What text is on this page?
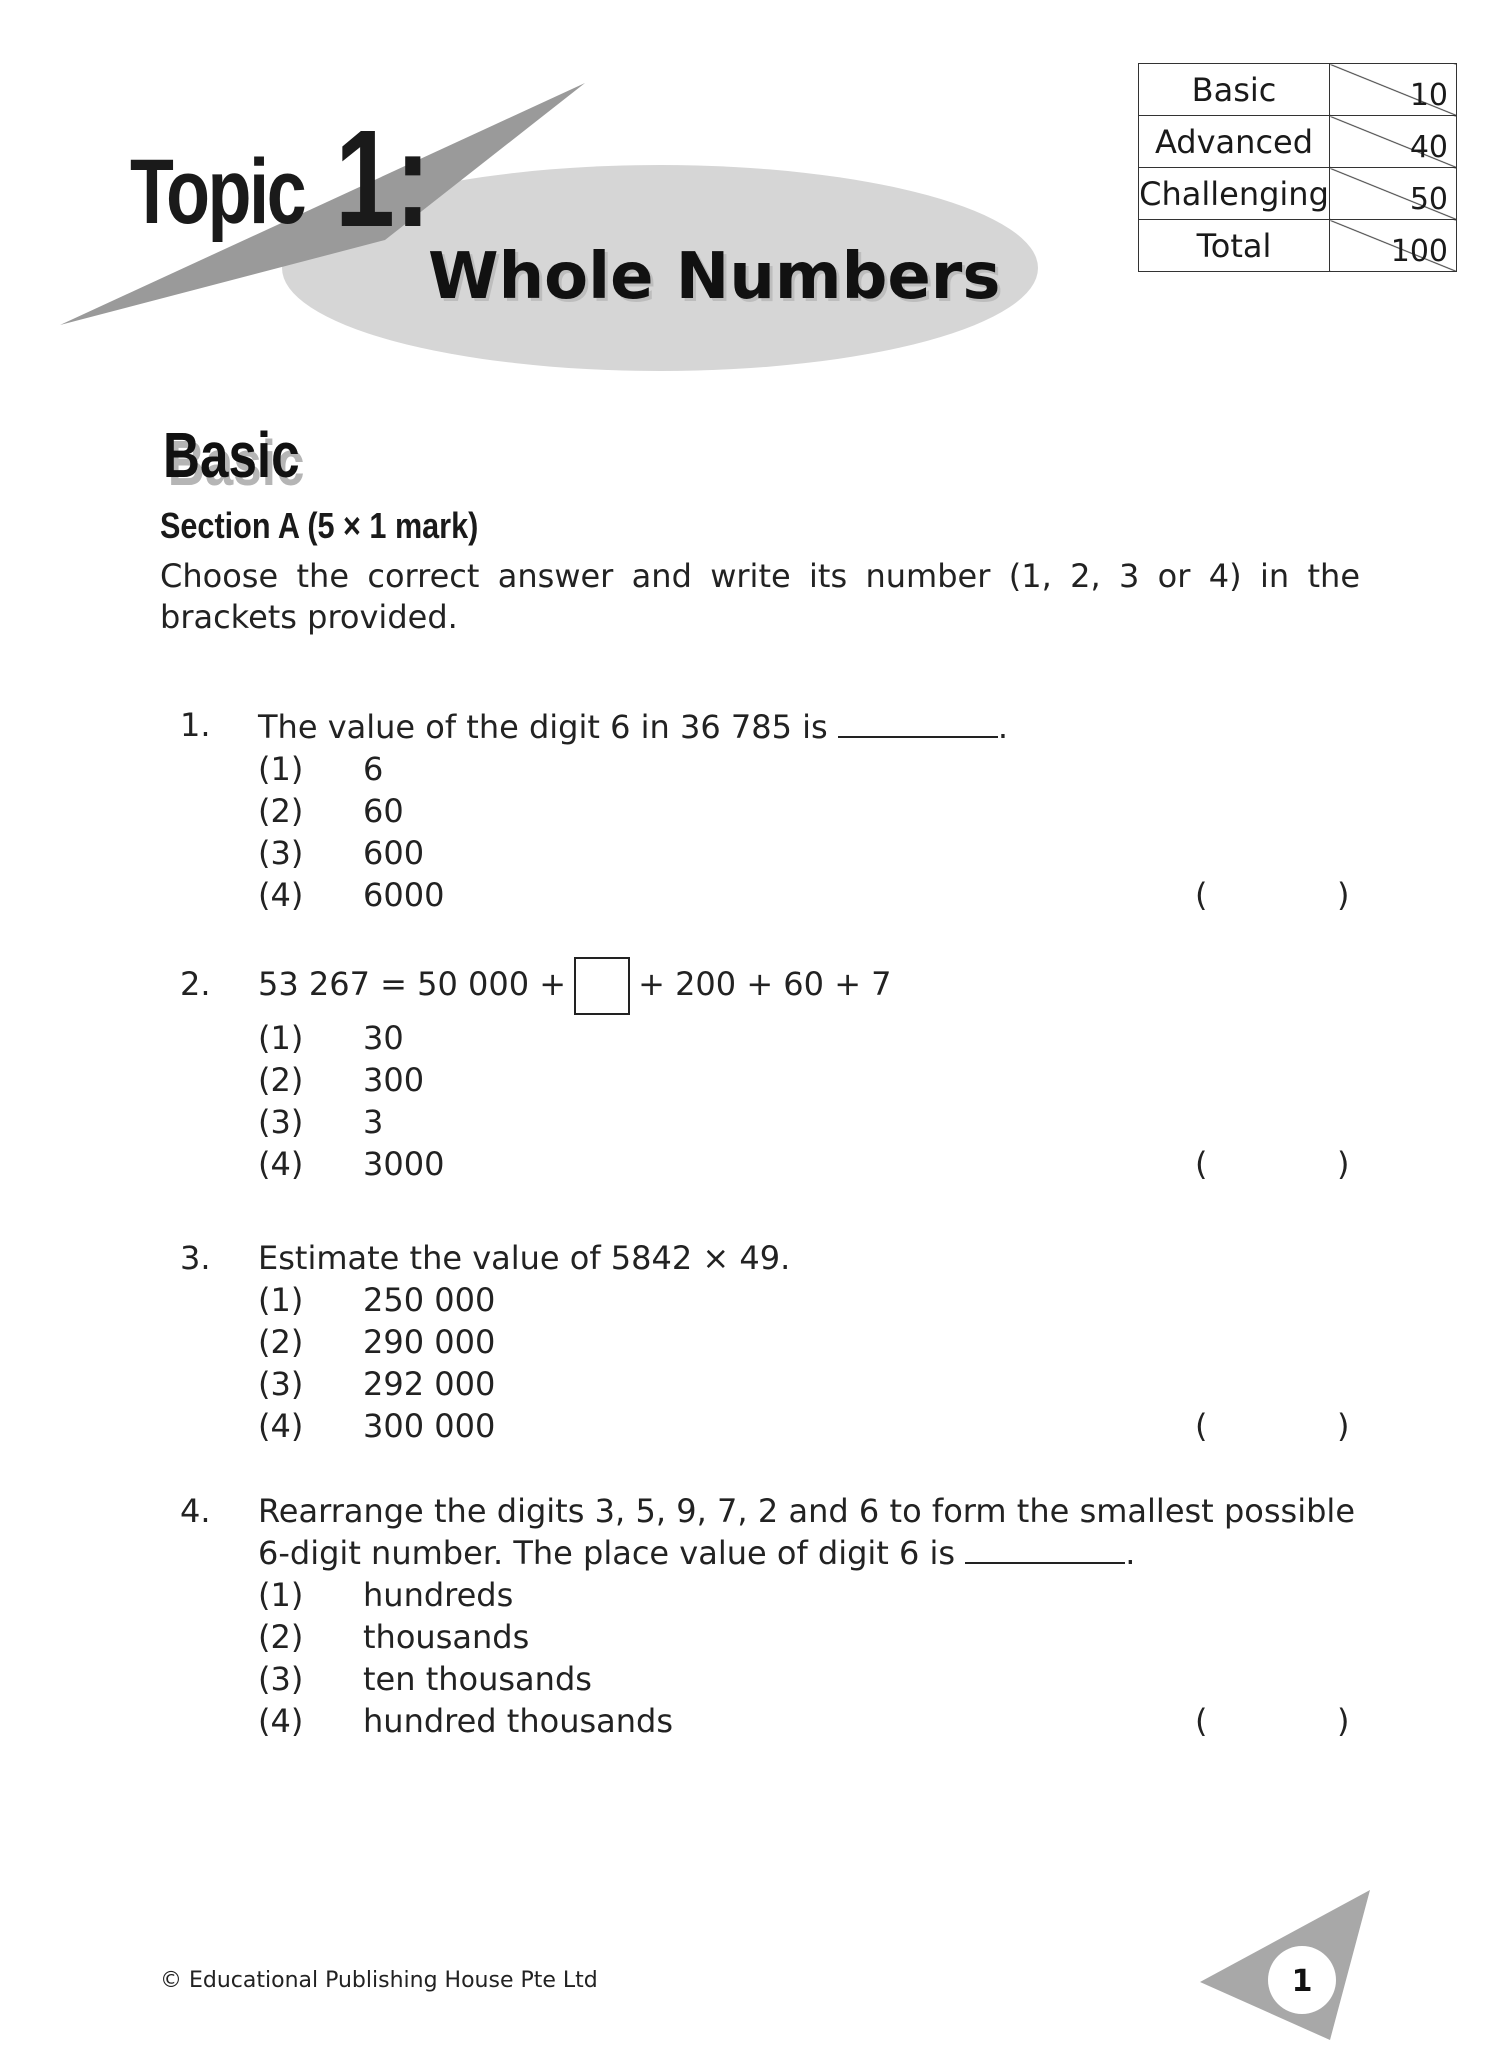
Topic 1:
Whole Numbers
Basic	10

Advanced	40

Challenging	50

Total	100
Basic
Section A (5 × 1 mark)
Choose the correct answer and write its number (1, 2, 3 or 4) in the brackets provided.
1. The value of the digit 6 in 36 785 is	.
(1) 6
(2) 60
(3) 600
(4) 6000	(	)
2. 53 267 = 50 000 + + 200 + 60 + 7
(1) 30
(2) 300
(3) 3
(4) 3000	(	)
3. Estimate the value of 5842 × 49.
(1) 250 000
(2) 290 000
(3) 292 000
(4) 300 000	(	)
4. Rearrange the digits 3, 5, 9, 7, 2 and 6 to form the smallest possible
6-digit number. The place value of digit 6 is	.
(1) hundreds
(2) thousands
(3) ten thousands
(4) hundred thousands	(	)
© Educational Publishing House Pte Ltd	1
